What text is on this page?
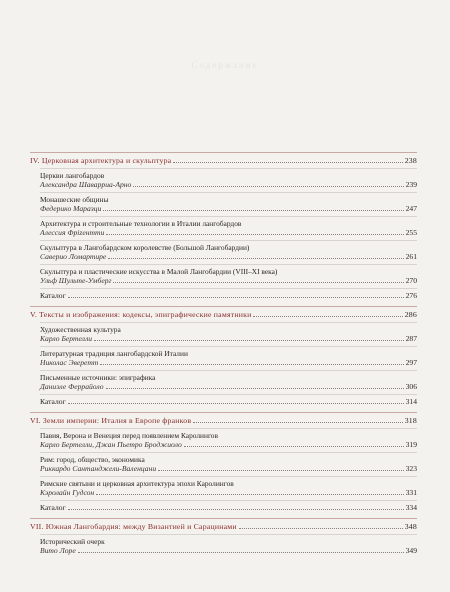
Содержание
IV. Церковная архитектура и скульптура	238
Церкви лангобардов
Александра Шаварриа-Арно	239
Монашеские общины
Федерико Маразци	247
Архитектура и строительные технологии в Италии лангобардов
Алессия Фрizентти	255
Скульптура в Лангобардском королевстве (Большой Лангобардии)
Саверио Ломартире	261
Скульптура и пластические искусства в Малой Лангобардии (VIII–XI века)
Ульф Шульте-Умберг	270
Каталог	276
V. Тексты и изображения: кодексы, эпиграфические памятники	286
Художественная культура
Карло Бертелли	287
Литературная традиция лангобардской Италии
Николас Эверетт	297
Письменные источники: эпиграфика
Даниэле Феррайоло	306
Каталог	314
VI. Земли империи: Италия в Европе франков	318
Павия, Верона и Венеция перед появлением Каролингов
Карло Бертелли, Джан Пьетро Броджиоло	319
Рим: город, общество, экономика
Риккардо Сантанджели-Валенцани	323
Римские святыни и церковная архитектура эпохи Каролингов
Кэролайн Гудсон	331
Каталог	334
VII. Южная Лангобардия: между Византией и Сарацинами	348
Исторический очерк
Вито Лоре	349
